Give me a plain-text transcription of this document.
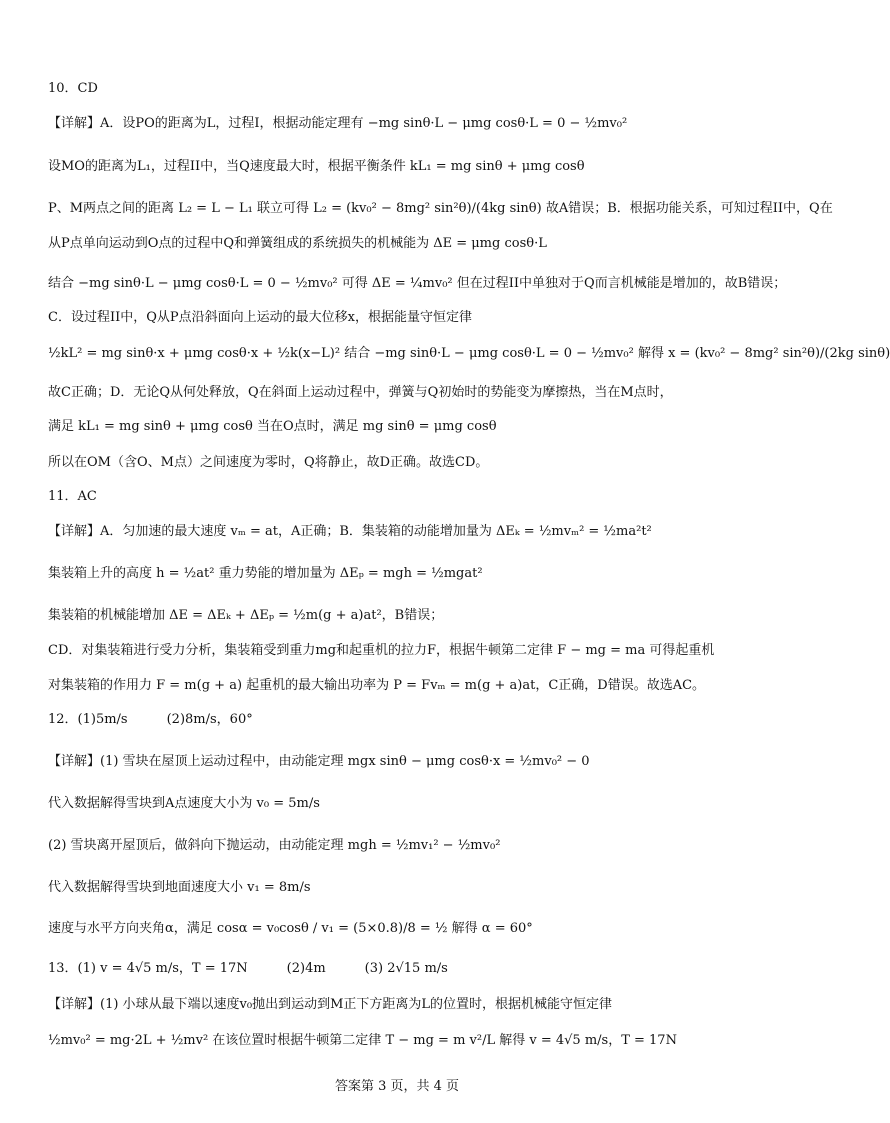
10．CD
【详解】A．设PO的距离为L，过程I，根据动能定理有 −mg sinθ·L − μmg cosθ·L = 0 − ½mv₀²
设MO的距离为L₁，过程II中，当Q速度最大时，根据平衡条件 kL₁ = mg sinθ + μmg cosθ
P、M两点之间的距离 L₂ = L − L₁ 联立可得 L₂ = (kv₀² − 8mg² sin²θ)/(4kg sinθ) 故A错误；B．根据功能关系，可知过程II中，Q在
从P点单向运动到O点的过程中Q和弹簧组成的系统损失的机械能为 ΔE = μmg cosθ·L
结合 −mg sinθ·L − μmg cosθ·L = 0 − ½mv₀² 可得 ΔE = ¼mv₀² 但在过程II中单独对于Q而言机械能是增加的，故B错误；
C．设过程II中，Q从P点沿斜面向上运动的最大位移x，根据能量守恒定律
½kL² = mg sinθ·x + μmg cosθ·x + ½k(x−L)² 结合 −mg sinθ·L − μmg cosθ·L = 0 − ½mv₀² 解得 x = (kv₀² − 8mg² sin²θ)/(2kg sinθ)
故C正确；D．无论Q从何处释放，Q在斜面上运动过程中，弹簧与Q初始时的势能变为摩擦热，当在M点时，
满足 kL₁ = mg sinθ + μmg cosθ 当在O点时，满足 mg sinθ = μmg cosθ
所以在OM（含O、M点）之间速度为零时，Q将静止，故D正确。故选CD。
11．AC
【详解】A．匀加速的最大速度 vₘ = at，A正确；B．集装箱的动能增加量为 ΔEₖ = ½mvₘ² = ½ma²t²
集装箱上升的高度 h = ½at² 重力势能的增加量为 ΔEₚ = mgh = ½mgat²
集装箱的机械能增加 ΔE = ΔEₖ + ΔEₚ = ½m(g + a)at²，B错误；
CD．对集装箱进行受力分析，集装箱受到重力mg和起重机的拉力F，根据牛顿第二定律 F − mg = ma 可得起重机
对集装箱的作用力 F = m(g + a) 起重机的最大输出功率为 P = Fvₘ = m(g + a)at，C正确，D错误。故选AC。
12．(1)5m/s　　　(2)8m/s，60°
【详解】(1) 雪块在屋顶上运动过程中，由动能定理 mgx sinθ − μmg cosθ·x = ½mv₀² − 0
代入数据解得雪块到A点速度大小为 v₀ = 5m/s
(2) 雪块离开屋顶后，做斜向下抛运动，由动能定理 mgh = ½mv₁² − ½mv₀²
代入数据解得雪块到地面速度大小 v₁ = 8m/s
速度与水平方向夹角α，满足 cosα = v₀cosθ / v₁ = (5×0.8)/8 = ½ 解得 α = 60°
13．(1) v = 4√5 m/s，T = 17N　　　(2)4m　　　(3) 2√15 m/s
【详解】(1) 小球从最下端以速度v₀抛出到运动到M正下方距离为L的位置时，根据机械能守恒定律
½mv₀² = mg·2L + ½mv² 在该位置时根据牛顿第二定律 T − mg = m v²/L 解得 v = 4√5 m/s，T = 17N
答案第 3 页，共 4 页
